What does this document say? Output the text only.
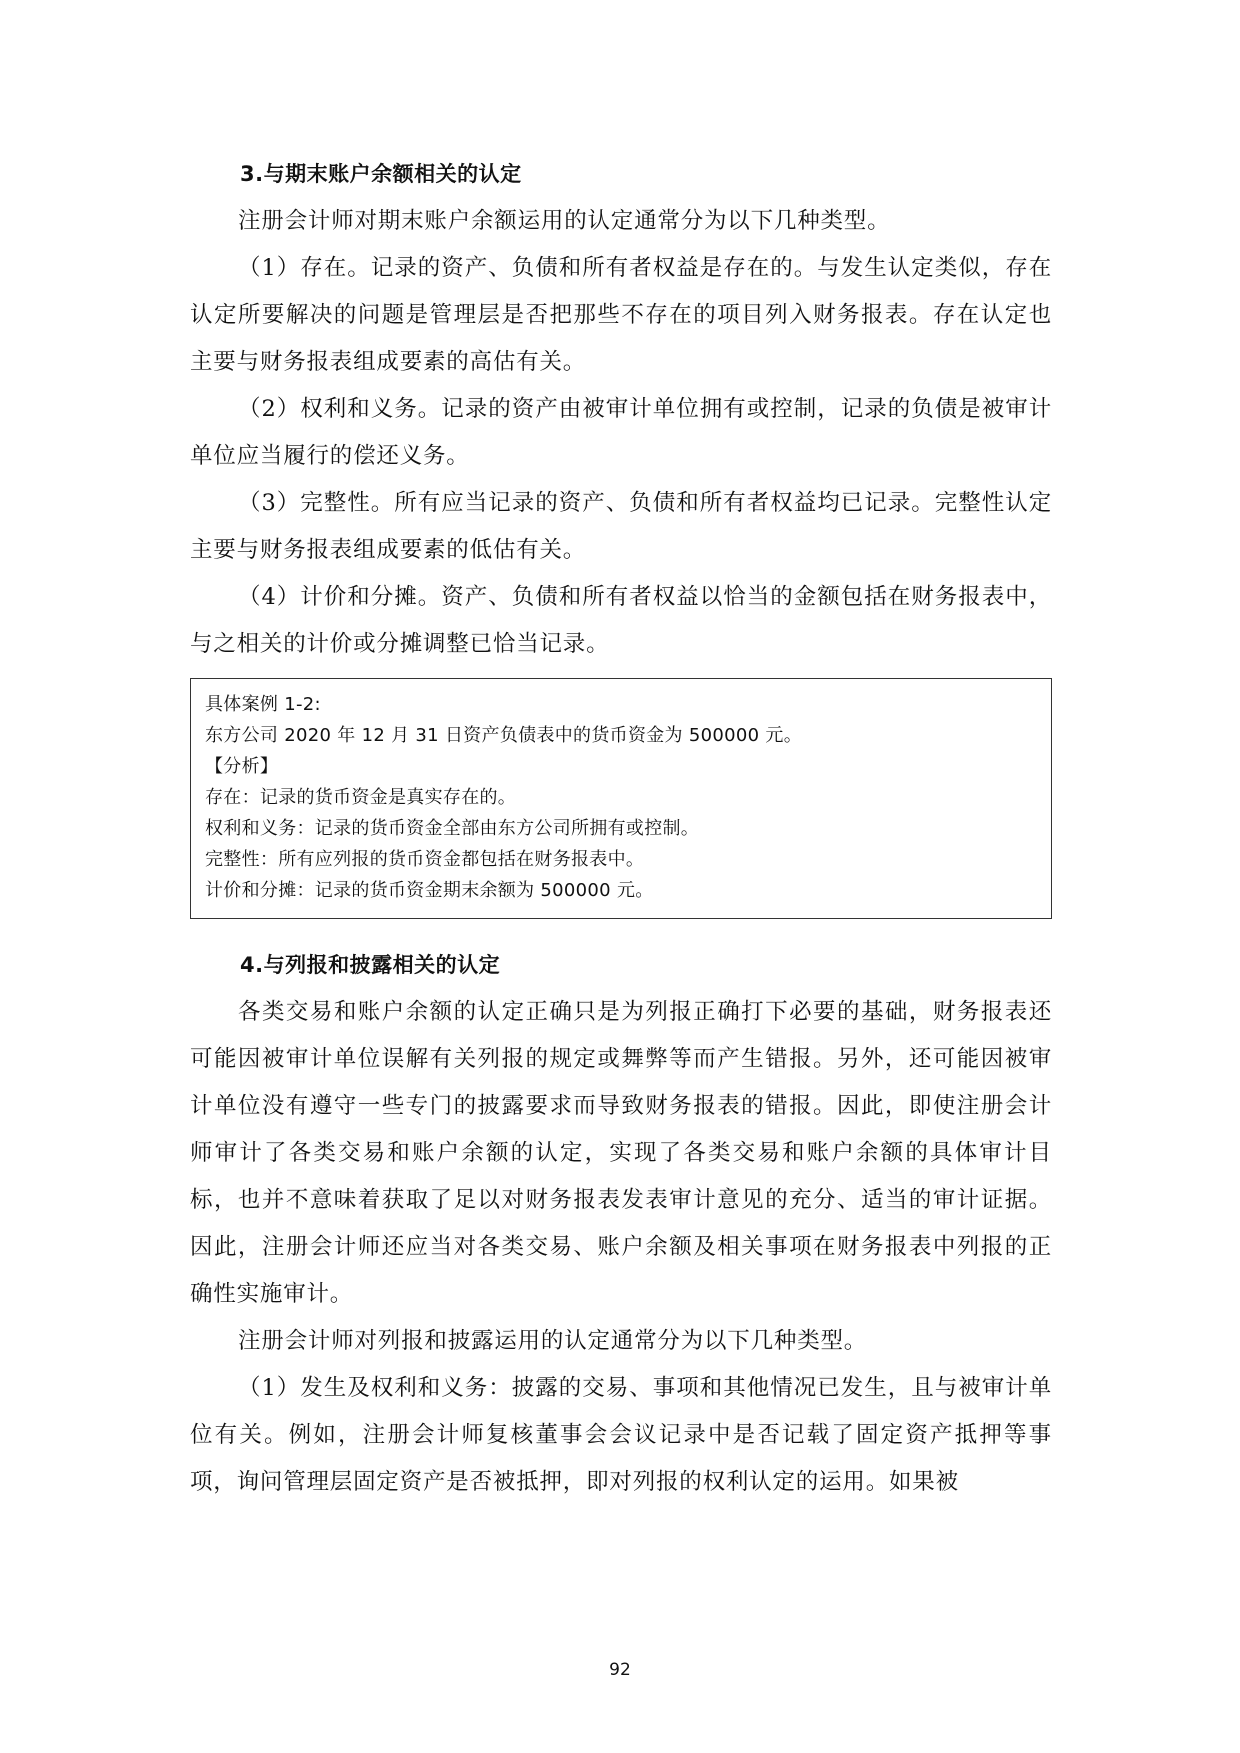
3.与期末账户余额相关的认定

注册会计师对期末账户余额运用的认定通常分为以下几种类型。

（1）存在。记录的资产、负债和所有者权益是存在的。与发生认定类似，存在认定所要解决的问题是管理层是否把那些不存在的项目列入财务报表。存在认定也主要与财务报表组成要素的高估有关。

（2）权利和义务。记录的资产由被审计单位拥有或控制，记录的负债是被审计单位应当履行的偿还义务。

（3）完整性。所有应当记录的资产、负债和所有者权益均已记录。完整性认定主要与财务报表组成要素的低估有关。

（4）计价和分摊。资产、负债和所有者权益以恰当的金额包括在财务报表中，与之相关的计价或分摊调整已恰当记录。

具体案例 1-2:
东方公司 2020 年 12 月 31 日资产负债表中的货币资金为 500000 元。
【分析】
存在：记录的货币资金是真实存在的。
权利和义务：记录的货币资金全部由东方公司所拥有或控制。
完整性：所有应列报的货币资金都包括在财务报表中。
计价和分摊：记录的货币资金期末余额为 500000 元。

4.与列报和披露相关的认定

各类交易和账户余额的认定正确只是为列报正确打下必要的基础，财务报表还可能因被审计单位误解有关列报的规定或舞弊等而产生错报。另外，还可能因被审计单位没有遵守一些专门的披露要求而导致财务报表的错报。因此，即使注册会计师审计了各类交易和账户余额的认定，实现了各类交易和账户余额的具体审计目标，也并不意味着获取了足以对财务报表发表审计意见的充分、适当的审计证据。因此，注册会计师还应当对各类交易、账户余额及相关事项在财务报表中列报的正确性实施审计。

注册会计师对列报和披露运用的认定通常分为以下几种类型。

（1）发生及权利和义务：披露的交易、事项和其他情况已发生，且与被审计单位有关。例如，注册会计师复核董事会会议记录中是否记载了固定资产抵押等事项，询问管理层固定资产是否被抵押，即对列报的权利认定的运用。如果被

92
